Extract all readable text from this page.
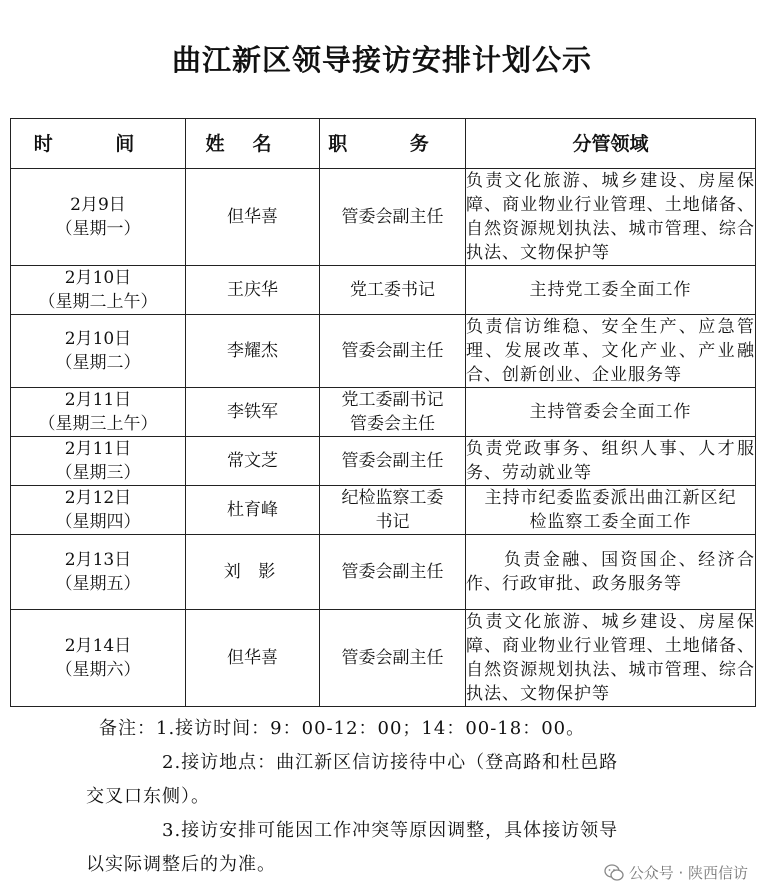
曲江新区领导接访安排计划公示
时 间	姓名	职 务	分管领域

2月9日
（星期一）	但华喜	管委会副主任	负责文化旅游、城乡建设、房屋保障、商业物业行业管理、土地储备、自然资源规划执法、城市管理、综合执法、文物保护等

2月10日
（星期二上午）	王庆华	党工委书记	主持党工委全面工作

2月10日
（星期二）	李耀杰	管委会副主任	负责信访维稳、安全生产、应急管理、发展改革、文化产业、产业融合、创新创业、企业服务等

2月11日
（星期三上午）	李铁军	党工委副书记 管委会主任	主持管委会全面工作

2月11日
（星期三）	常文芝	管委会副主任	负责党政事务、组织人事、人才服务、劳动就业等

2月12日
（星期四）	杜育峰	纪检监察工委书记	主持市纪委监委派出曲江新区纪检监察工委全面工作

2月13日
（星期五）	刘 影	管委会副主任	负责金融、国资国企、经济合作、行政审批、政务服务等

2月14日
（星期六）	但华喜	管委会副主任	负责文化旅游、城乡建设、房屋保障、商业物业行业管理、土地储备、自然资源规划执法、城市管理、综合执法、文物保护等
备注：1.接访时间：9：00-12：00；14：00-18：00。
2.接访地点：曲江新区信访接待中心（登高路和杜邑路
交叉口东侧）。
3.接访安排可能因工作冲突等原因调整，具体接访领导
以实际调整后的为准。	公众号 · 陕西信访
